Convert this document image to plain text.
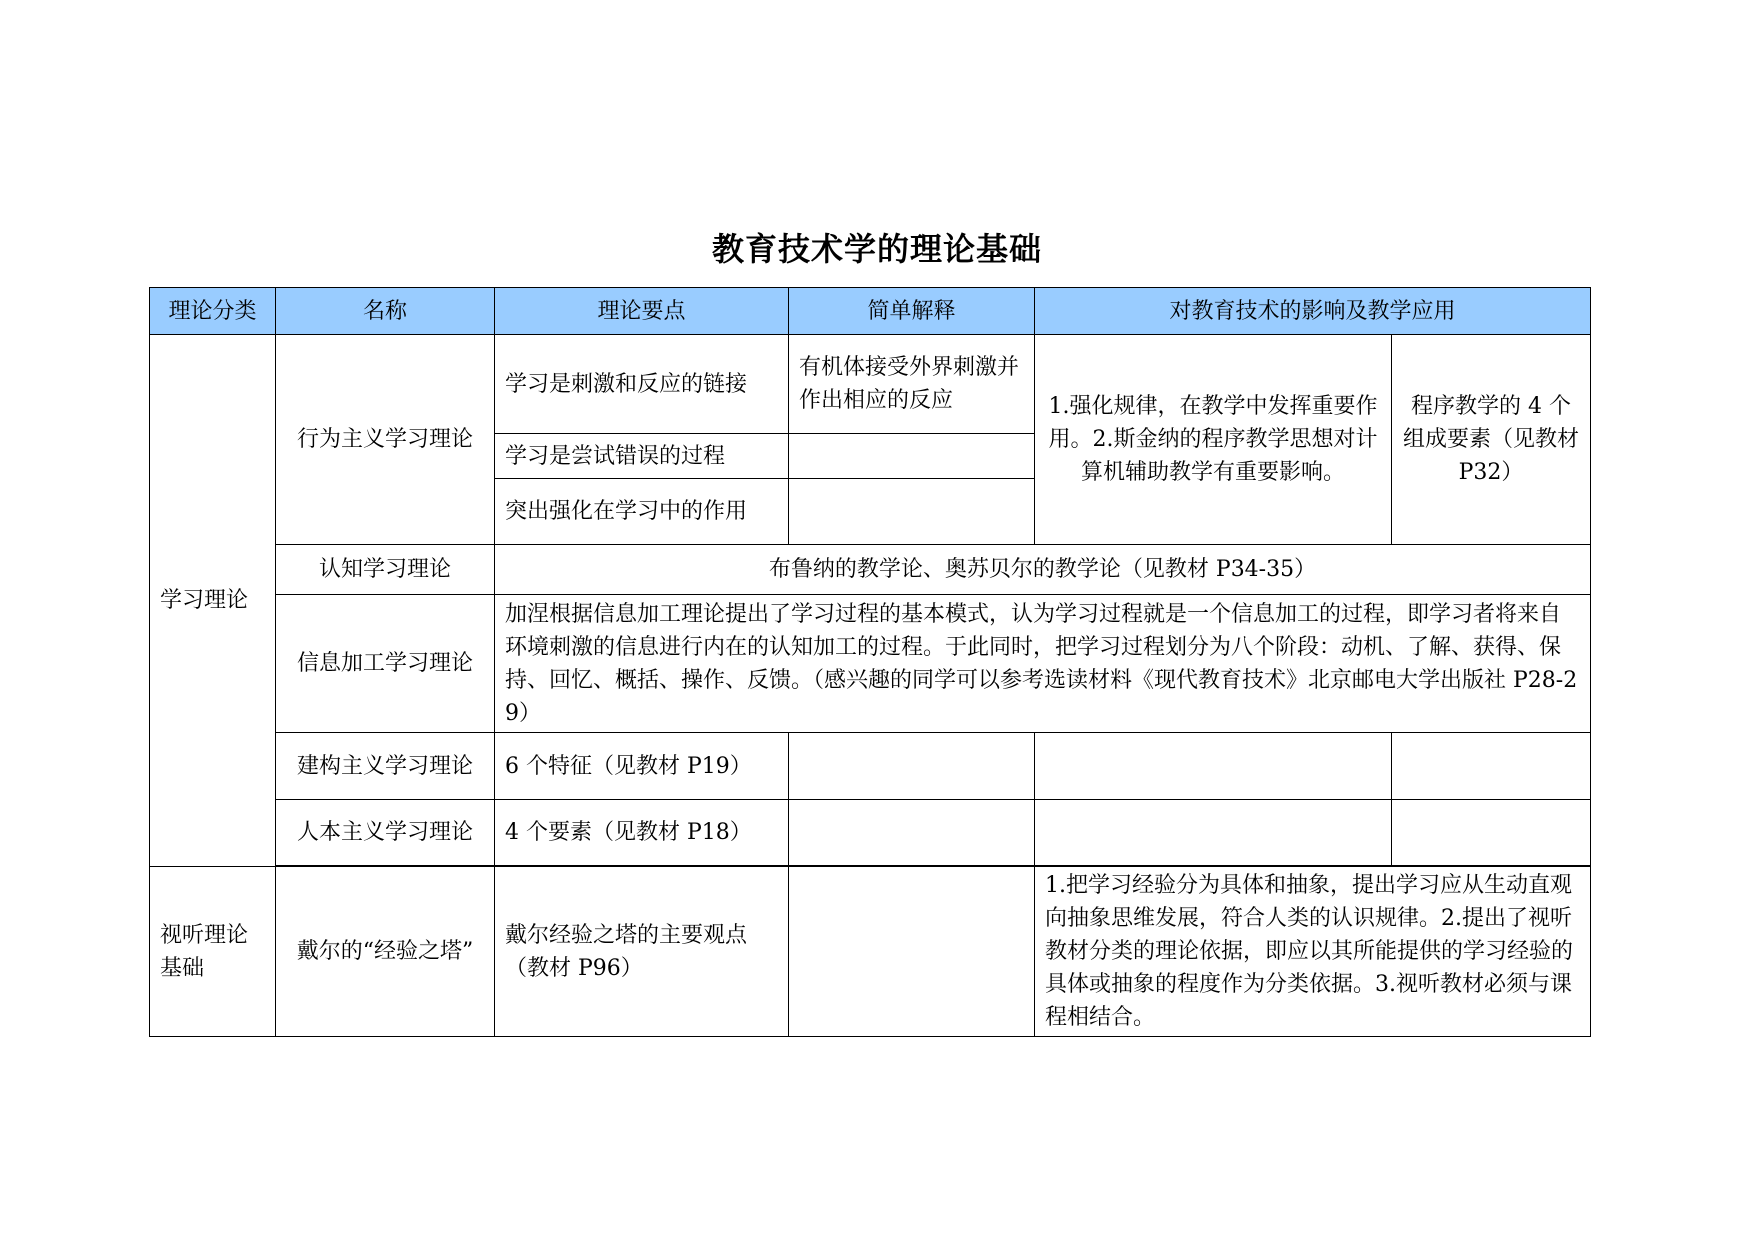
教育技术学的理论基础
理论分类	名称	理论要点	简单解释	对教育技术的影响及教学应用	
学习理论	行为主义学习理论	学习是刺激和反应的链接	有机体接受外界刺激并作出相应的反应	1.强化规律，在教学中发挥重要作用。2.斯金纳的程序教学思想对计算机辅助教学有重要影响。	程序教学的 4 个组成要素（见教材 P32）
		学习是尝试错误的过程			
		突出强化在学习中的作用			
	认知学习理论	布鲁纳的教学论、奥苏贝尔的教学论（见教材 P34-35）			
	信息加工学习理论	加涅根据信息加工理论提出了学习过程的基本模式，认为学习过程就是一个信息加工的过程，即学习者将来自环境刺激的信息进行内在的认知加工的过程。于此同时，把学习过程划分为八个阶段：动机、了解、获得、保持、回忆、概括、操作、反馈。（感兴趣的同学可以参考选读材料《现代教育技术》北京邮电大学出版社 P28-29）			
	建构主义学习理论	6 个特征（见教材 P19）			
	人本主义学习理论	4 个要素（见教材 P18）			

视听理论基础	戴尔的“经验之塔”	戴尔经验之塔的主要观点（教材 P96）		1.把学习经验分为具体和抽象，提出学习应从生动直观向抽象思维发展，符合人类的认识规律。2.提出了视听教材分类的理论依据，即应以其所能提供的学习经验的具体或抽象的程度作为分类依据。3.视听教材必须与课程相结合。	
